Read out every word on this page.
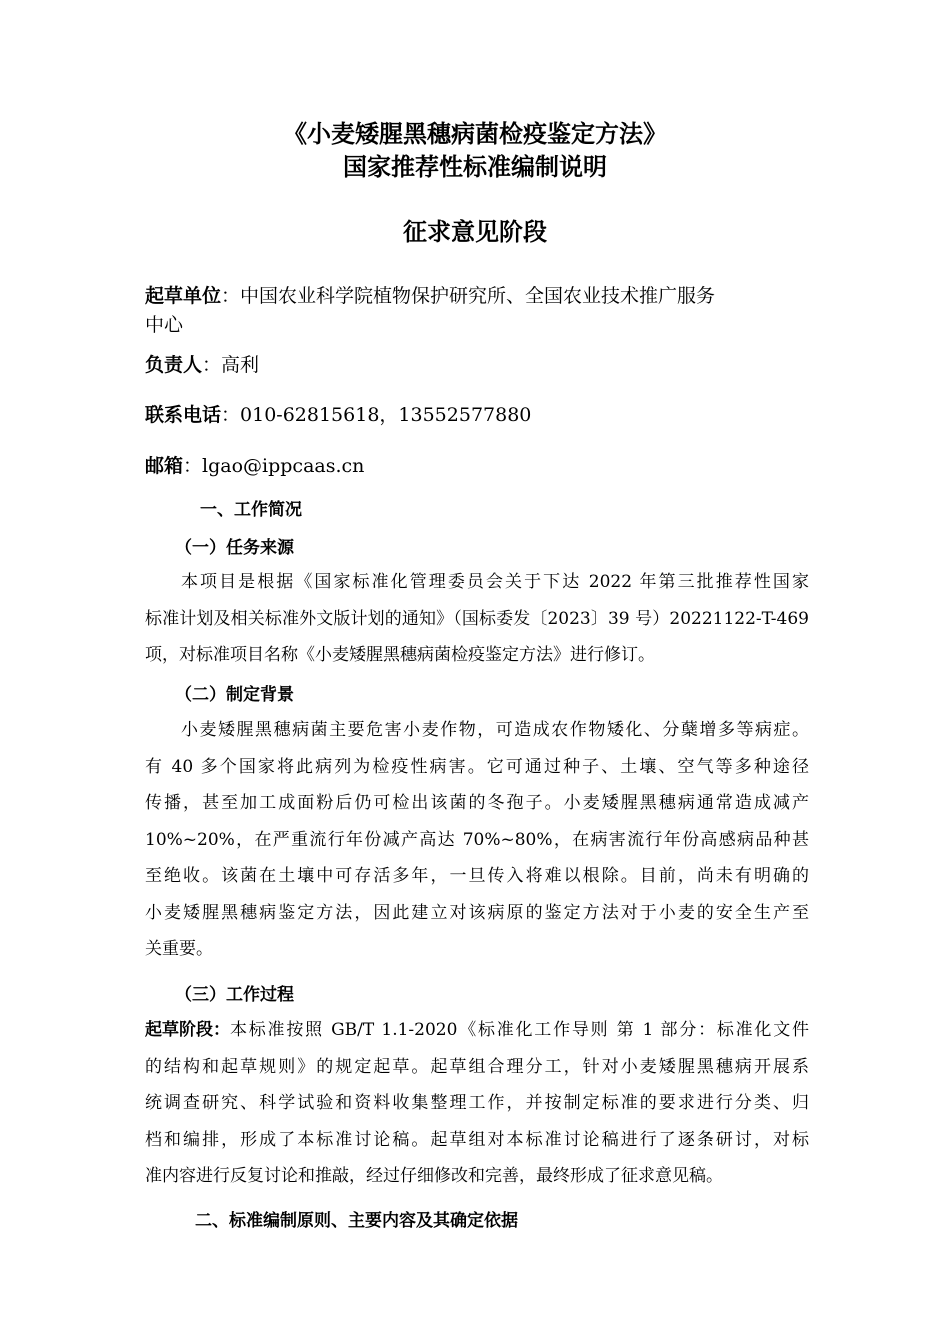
《小麦矮腥黑穗病菌检疫鉴定方法》
国家推荐性标准编制说明
征求意见阶段
起草单位：中国农业科学院植物保护研究所、全国农业技术推广服务
中心
负责人：高利
联系电话：010-62815618，13552577880
邮箱：lgao@ippcaas.cn
一、工作简况
（一）任务来源
本项目是根据《国家标准化管理委员会关于下达 2022 年第三批推荐性国家
标准计划及相关标准外文版计划的通知》（国标委发〔2023〕39 号）20221122-T-469
项，对标准项目名称《小麦矮腥黑穗病菌检疫鉴定方法》进行修订。
（二）制定背景
小麦矮腥黑穗病菌主要危害小麦作物，可造成农作物矮化、分蘖增多等病症。
有 40 多个国家将此病列为检疫性病害。它可通过种子、土壤、空气等多种途径
传播，甚至加工成面粉后仍可检出该菌的冬孢子。小麦矮腥黑穗病通常造成减产
10%~20%，在严重流行年份减产高达 70%~80%，在病害流行年份高感病品种甚
至绝收。该菌在土壤中可存活多年，一旦传入将难以根除。目前，尚未有明确的
小麦矮腥黑穗病鉴定方法，因此建立对该病原的鉴定方法对于小麦的安全生产至
关重要。
（三）工作过程
起草阶段： 本标准按照 GB/T 1.1-2020《标准化工作导则 第 1 部分：标准化文件
的结构和起草规则》的规定起草。起草组合理分工，针对小麦矮腥黑穗病开展系
统调查研究、科学试验和资料收集整理工作，并按制定标准的要求进行分类、归
档和编排，形成了本标准讨论稿。起草组对本标准讨论稿进行了逐条研讨，对标
准内容进行反复讨论和推敲，经过仔细修改和完善，最终形成了征求意见稿。
二、标准编制原则、主要内容及其确定依据
